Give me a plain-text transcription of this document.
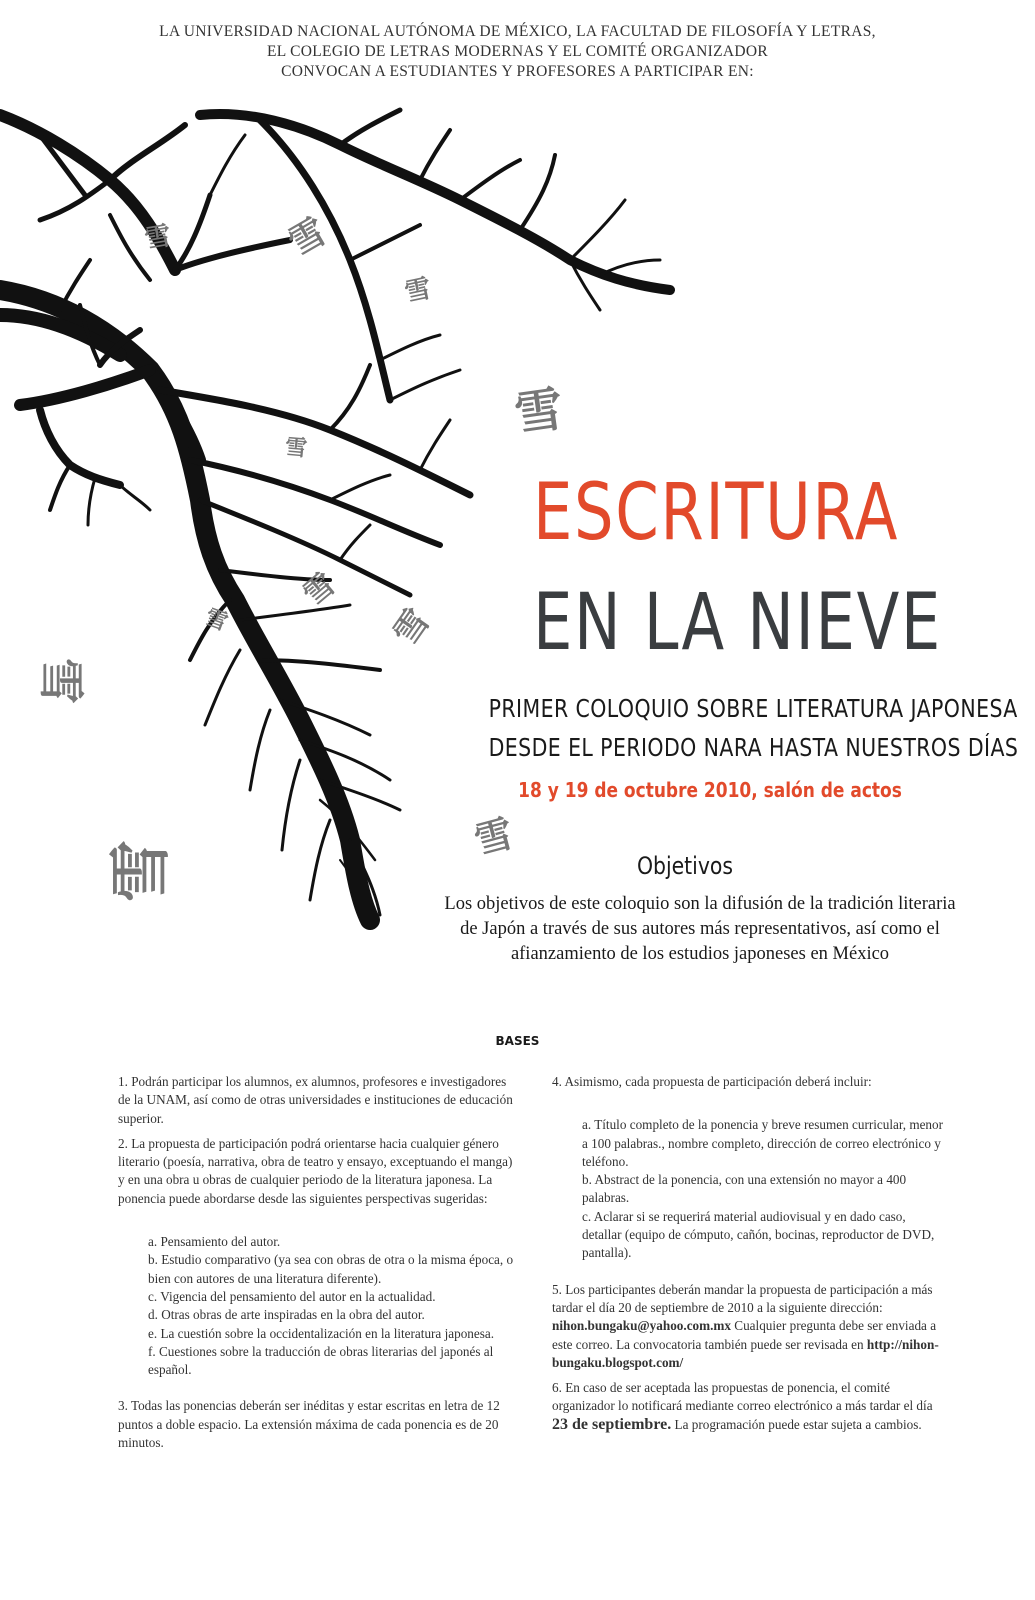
LA UNIVERSIDAD NACIONAL AUTÓNOMA DE MÉXICO, LA FACULTAD DE FILOSOFÍA Y LETRAS,
EL COLEGIO DE LETRAS MODERNAS Y EL COMITÉ ORGANIZADOR
CONVOCAN A ESTUDIANTES Y PROFESORES A PARTICIPAR EN:
雪	雪
雪
雪
雪
雪
雪
雪
雪
雪
雪
ESCRITURA
EN LA NIEVE
PRIMER COLOQUIO SOBRE LITERATURA JAPONESA
DESDE EL PERIODO NARA HASTA NUESTROS DÍAS
18 y 19 de octubre 2010, salón de actos
Objetivos
Los objetivos de este coloquio son la difusión de la tradición literaria
de Japón a través de sus autores más representativos, así como el
afianzamiento de los estudios japoneses en México
BASES

1. Podrán participar los alumnos, ex alumnos, profesores e investigadores de la UNAM, así como de otras universidades e instituciones de educación superior.

2. La propuesta de participación podrá orientarse hacia cualquier género literario (poesía, narrativa, obra de teatro y ensayo, exceptuando el manga) y en una obra u obras de cualquier periodo de la literatura japonesa. La ponencia puede abordarse desde las siguientes perspectivas sugeridas:

a. Pensamiento del autor.
b. Estudio comparativo (ya sea con obras de otra o la misma época, o bien con autores de una literatura diferente).
c. Vigencia del pensamiento del autor en la actualidad.
d. Otras obras de arte inspiradas en la obra del autor.
e. La cuestión sobre la occidentalización en la literatura japonesa.
f. Cuestiones sobre la traducción de obras literarias del japonés al español.

3. Todas las ponencias deberán ser inéditas y estar escritas en letra de 12 puntos a doble espacio. La extensión máxima de cada ponencia es de 20 minutos.

4. Asimismo, cada propuesta de participación deberá incluir:

a. Título completo de la ponencia y breve resumen curricular, menor a 100 palabras., nombre completo, dirección de correo electrónico y teléfono.
b. Abstract de la ponencia, con una extensión no mayor a 400 palabras.
c. Aclarar si se requerirá material audiovisual y en dado caso, detallar (equipo de cómputo, cañón, bocinas, reproductor de DVD, pantalla).

5. Los participantes deberán mandar la propuesta de participación a más tardar el día 20 de septiembre de 2010 a la siguiente dirección: nihon.bungaku@yahoo.com.mx Cualquier pregunta debe ser enviada a este correo. La convocatoria también puede ser revisada en http://nihon-bungaku.blogspot.com/

6. En caso de ser aceptada las propuestas de ponencia, el comité organizador lo notificará mediante correo electrónico a más tardar el día 23 de septiembre. La programación puede estar sujeta a cambios.
